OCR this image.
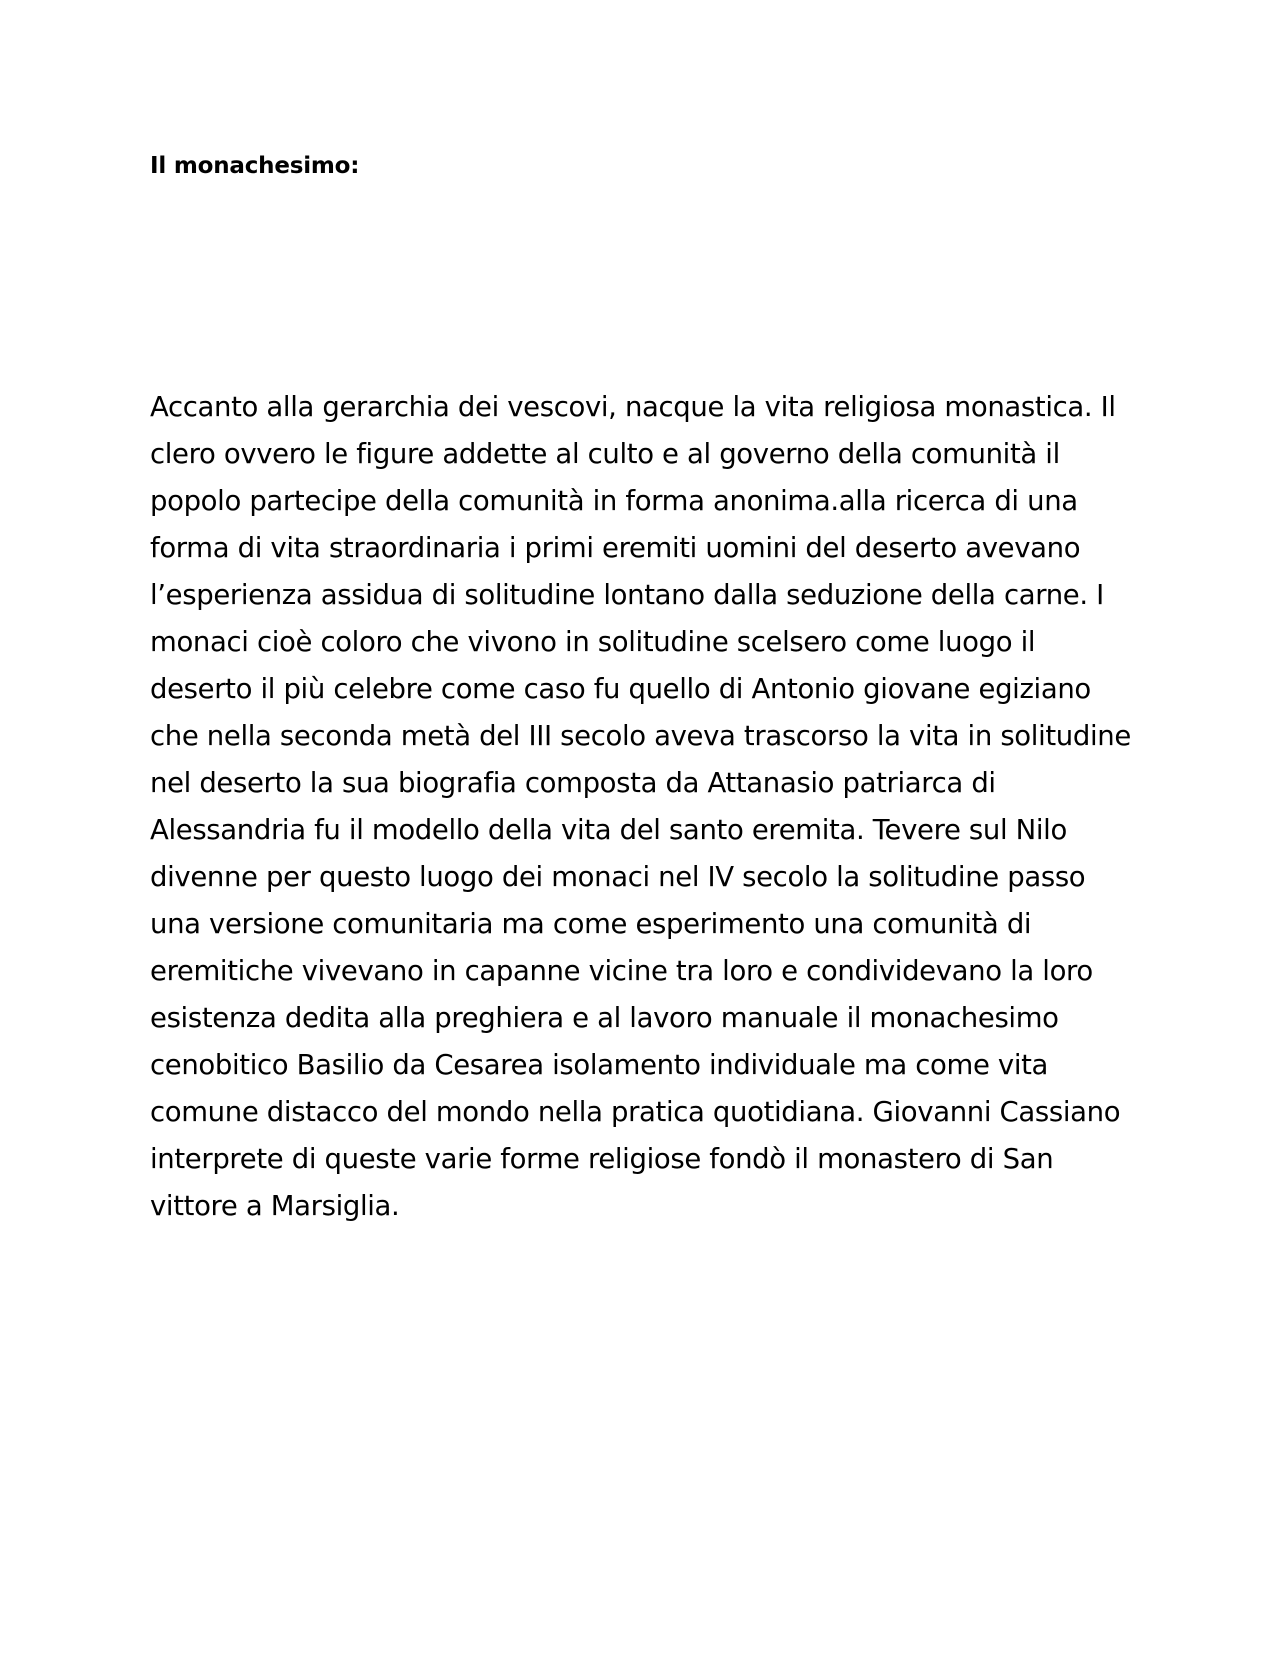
Il monachesimo:
Accanto alla gerarchia dei vescovi, nacque la vita religiosa monastica. Il
clero ovvero le figure addette al culto e al governo della comunità il
popolo partecipe della comunità in forma anonima.alla ricerca di una
forma di vita straordinaria i primi eremiti uomini del deserto avevano
l’esperienza assidua di solitudine lontano dalla seduzione della carne. I
monaci cioè coloro che vivono in solitudine scelsero come luogo il
deserto il più celebre come caso fu quello di Antonio giovane egiziano
che nella seconda metà del III secolo aveva trascorso la vita in solitudine
nel deserto la sua biografia composta da Attanasio patriarca di
Alessandria fu il modello della vita del santo eremita. Tevere sul Nilo
divenne per questo luogo dei monaci nel IV secolo la solitudine passo
una versione comunitaria ma come esperimento una comunità di
eremitiche vivevano in capanne vicine tra loro e condividevano la loro
esistenza dedita alla preghiera e al lavoro manuale il monachesimo
cenobitico Basilio da Cesarea isolamento individuale ma come vita
comune distacco del mondo nella pratica quotidiana. Giovanni Cassiano
interprete di queste varie forme religiose fondò il monastero di San
vittore a Marsiglia.
